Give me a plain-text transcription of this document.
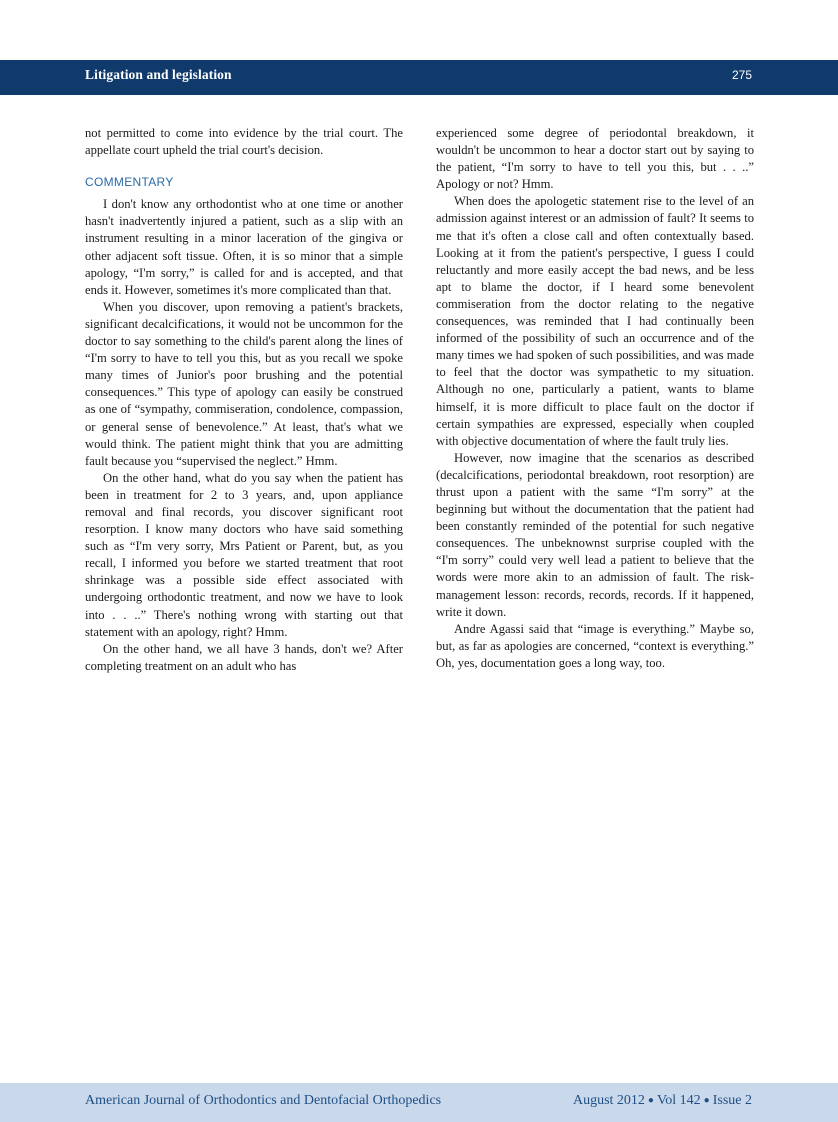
Litigation and legislation	275

not permitted to come into evidence by the trial court. The appellate court upheld the trial court's decision.

COMMENTARY

I don't know any orthodontist who at one time or another hasn't inadvertently injured a patient, such as a slip with an instrument resulting in a minor laceration of the gingiva or other adjacent soft tissue. Often, it is so minor that a simple apology, “I'm sorry,” is called for and is accepted, and that ends it. However, sometimes it's more complicated than that.

When you discover, upon removing a patient's brackets, significant decalcifications, it would not be uncommon for the doctor to say something to the child's parent along the lines of “I'm sorry to have to tell you this, but as you recall we spoke many times of Junior's poor brushing and the potential consequences.” This type of apology can easily be construed as one of “sympathy, commiseration, condolence, compassion, or general sense of benevolence.” At least, that's what we would think. The patient might think that you are admitting fault because you “supervised the neglect.” Hmm.

On the other hand, what do you say when the patient has been in treatment for 2 to 3 years, and, upon appliance removal and final records, you discover significant root resorption. I know many doctors who have said something such as “I'm very sorry, Mrs Patient or Parent, but, as you recall, I informed you before we started treatment that root shrinkage was a possible side effect associated with undergoing orthodontic treatment, and now we have to look into . . ..” There's nothing wrong with starting out that statement with an apology, right? Hmm.

On the other hand, we all have 3 hands, don't we? After completing treatment on an adult who has

experienced some degree of periodontal breakdown, it wouldn't be uncommon to hear a doctor start out by saying to the patient, “I'm sorry to have to tell you this, but . . ..” Apology or not? Hmm.

When does the apologetic statement rise to the level of an admission against interest or an admission of fault? It seems to me that it's often a close call and often contextually based. Looking at it from the patient's perspective, I guess I could reluctantly and more easily accept the bad news, and be less apt to blame the doctor, if I heard some benevolent commiseration from the doctor relating to the negative consequences, was reminded that I had continually been informed of the possibility of such an occurrence and of the many times we had spoken of such possibilities, and was made to feel that the doctor was sympathetic to my situation. Although no one, particularly a patient, wants to blame himself, it is more difficult to place fault on the doctor if certain sympathies are expressed, especially when coupled with objective documentation of where the fault truly lies.

However, now imagine that the scenarios as described (decalcifications, periodontal breakdown, root resorption) are thrust upon a patient with the same “I'm sorry” at the beginning but without the documentation that the patient had been constantly reminded of the potential for such negative consequences. The unbeknownst surprise coupled with the “I'm sorry” could very well lead a patient to believe that the words were more akin to an admission of fault. The risk-management lesson: records, records, records. If it happened, write it down.

Andre Agassi said that “image is everything.” Maybe so, but, as far as apologies are concerned, “context is everything.” Oh, yes, documentation goes a long way, too.

American Journal of Orthodontics and Dentofacial Orthopedics	August 2012 ● Vol 142 ● Issue 2
